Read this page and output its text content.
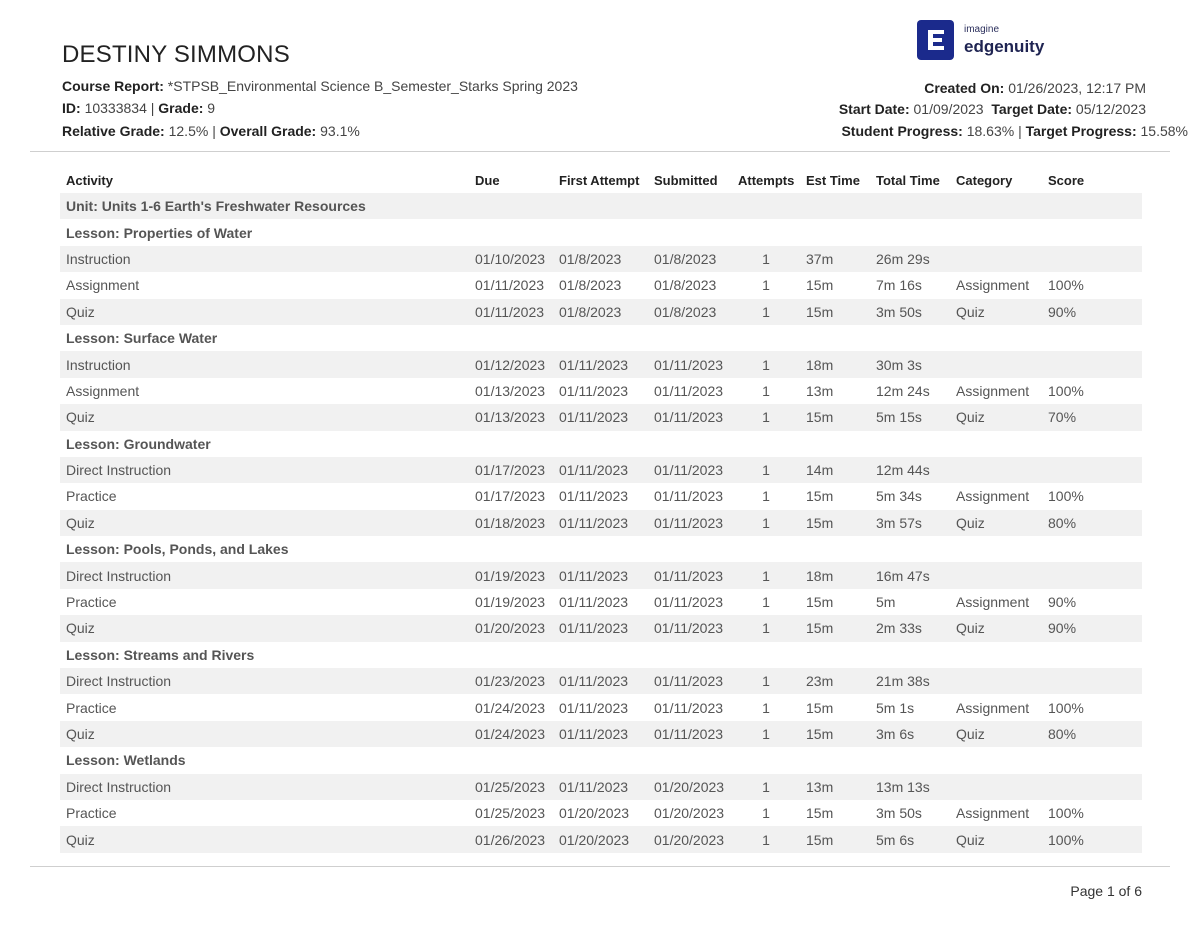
DESTINY SIMMONS
Course Report: *STPSB_Environmental Science B_Semester_Starks Spring 2023
ID: 10333834 | Grade: 9
Relative Grade: 12.5% | Overall Grade: 93.1%
imagine
edgenuity
Created On: 01/26/2023, 12:17 PM
Start Date: 01/09/2023 Target Date: 05/12/2023
Student Progress: 18.63% | Target Progress: 15.58%
Activity	Due	First Attempt	Submitted	Attempts	Est Time	Total Time	Category	Score
Unit: Units 1-6 Earth's Freshwater Resources								
Lesson: Properties of Water								
Instruction	01/10/2023	01/8/2023	01/8/2023	1	37m	26m 29s		
Assignment	01/11/2023	01/8/2023	01/8/2023	1	15m	7m 16s	Assignment	100%
Quiz	01/11/2023	01/8/2023	01/8/2023	1	15m	3m 50s	Quiz	90%
Lesson: Surface Water								
Instruction	01/12/2023	01/11/2023	01/11/2023	1	18m	30m 3s		
Assignment	01/13/2023	01/11/2023	01/11/2023	1	13m	12m 24s	Assignment	100%
Quiz	01/13/2023	01/11/2023	01/11/2023	1	15m	5m 15s	Quiz	70%
Lesson: Groundwater								
Direct Instruction	01/17/2023	01/11/2023	01/11/2023	1	14m	12m 44s		
Practice	01/17/2023	01/11/2023	01/11/2023	1	15m	5m 34s	Assignment	100%
Quiz	01/18/2023	01/11/2023	01/11/2023	1	15m	3m 57s	Quiz	80%
Lesson: Pools, Ponds, and Lakes								
Direct Instruction	01/19/2023	01/11/2023	01/11/2023	1	18m	16m 47s		
Practice	01/19/2023	01/11/2023	01/11/2023	1	15m	5m	Assignment	90%
Quiz	01/20/2023	01/11/2023	01/11/2023	1	15m	2m 33s	Quiz	90%
Lesson: Streams and Rivers								
Direct Instruction	01/23/2023	01/11/2023	01/11/2023	1	23m	21m 38s		
Practice	01/24/2023	01/11/2023	01/11/2023	1	15m	5m 1s	Assignment	100%
Quiz	01/24/2023	01/11/2023	01/11/2023	1	15m	3m 6s	Quiz	80%
Lesson: Wetlands								
Direct Instruction	01/25/2023	01/11/2023	01/20/2023	1	13m	13m 13s		
Practice	01/25/2023	01/20/2023	01/20/2023	1	15m	3m 50s	Assignment	100%
Quiz	01/26/2023	01/20/2023	01/20/2023	1	15m	5m 6s	Quiz	100%
Page 1 of 6
